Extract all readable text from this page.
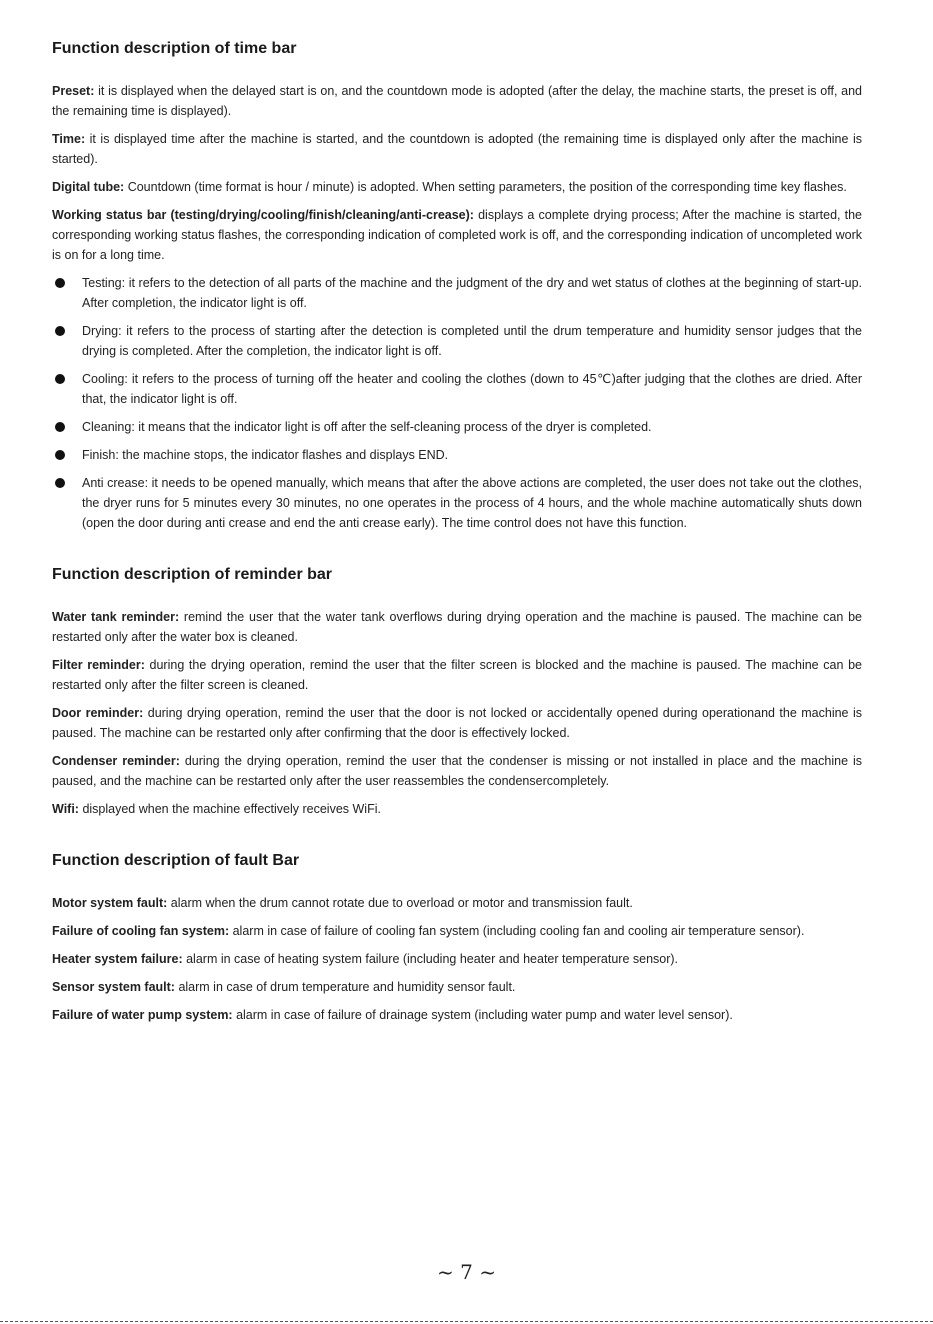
Function description of time bar

Preset: it is displayed when the delayed start is on, and the countdown mode is adopted (after the delay, the machine starts, the preset is off, and the remaining time is displayed).

Time: it is displayed time after the machine is started, and the countdown is adopted (the remaining time is displayed only after the machine is started).

Digital tube: Countdown (time format is hour / minute) is adopted. When setting parameters, the position of the corresponding time key flashes.

Working status bar (testing/drying/cooling/finish/cleaning/anti-crease): displays a complete drying process; After the machine is started, the corresponding working status flashes, the corresponding indication of completed work is off, and the corresponding indication of uncompleted work is on for a long time.

Testing: it refers to the detection of all parts of the machine and the judgment of the dry and wet status of clothes at the beginning of start-up. After completion, the indicator light is off.
Drying: it refers to the process of starting after the detection is completed until the drum temperature and humidity sensor judges that the drying is completed. After the completion, the indicator light is off.
Cooling: it refers to the process of turning off the heater and cooling the clothes (down to 45℃)after judging that the clothes are dried. After that, the indicator light is off.
Cleaning: it means that the indicator light is off after the self-cleaning process of the dryer is completed.
Finish: the machine stops, the indicator flashes and displays END.
Anti crease: it needs to be opened manually, which means that after the above actions are completed, the user does not take out the clothes, the dryer runs for 5 minutes every 30 minutes, no one operates in the process of 4 hours, and the whole machine automatically shuts down (open the door during anti crease and end the anti crease early). The time control does not have this function.
Function description of reminder bar

Water tank reminder: remind the user that the water tank overflows during drying operation and the machine is paused. The machine can be restarted only after the water box is cleaned.

Filter reminder: during the drying operation, remind the user that the filter screen is blocked and the machine is paused. The machine can be restarted only after the filter screen is cleaned.

Door reminder: during drying operation, remind the user that the door is not locked or accidentally opened during operationand the machine is paused. The machine can be restarted only after confirming that the door is effectively locked.

Condenser reminder: during the drying operation, remind the user that the condenser is missing or not installed in place and the machine is paused, and the machine can be restarted only after the user reassembles the condensercompletely.

Wifi: displayed when the machine effectively receives WiFi.

Function description of fault Bar

Motor system fault: alarm when the drum cannot rotate due to overload or motor and transmission fault.

Failure of cooling fan system: alarm in case of failure of cooling fan system (including cooling fan and cooling air temperature sensor).

Heater system failure: alarm in case of heating system failure (including heater and heater temperature sensor).

Sensor system fault: alarm in case of drum temperature and humidity sensor fault.

Failure of water pump system: alarm in case of failure of drainage system (including water pump and water level sensor).

~ 7 ~
